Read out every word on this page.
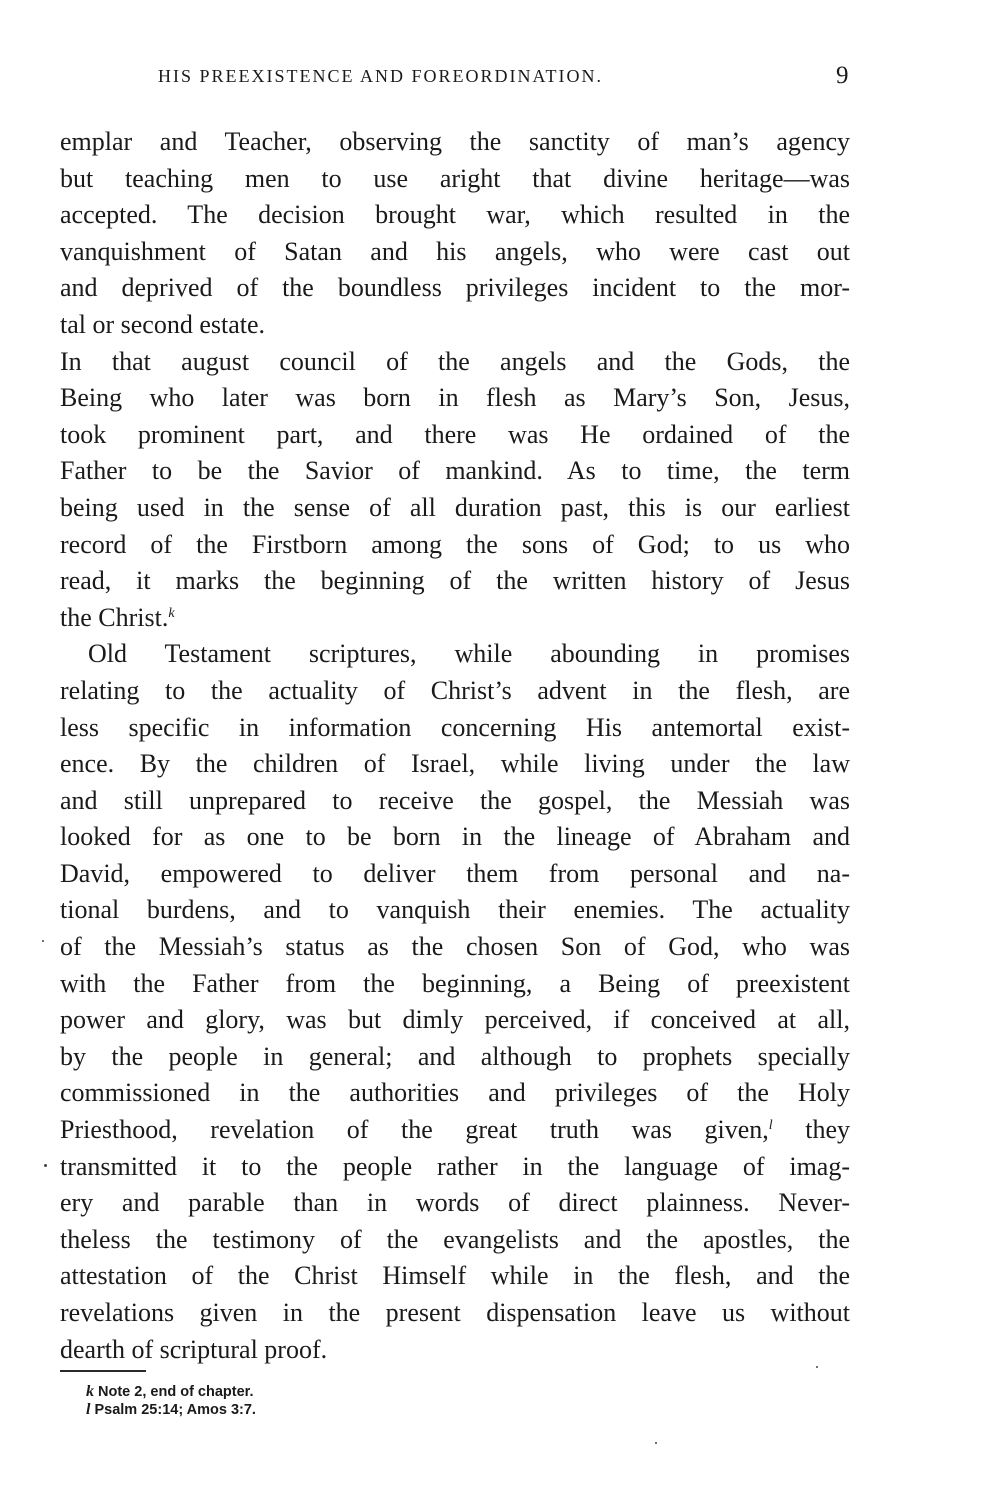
HIS PREEXISTENCE AND FOREORDINATION.	9
emplar and Teacher, observing the sanctity of man’s agency
but teaching men to use aright that divine heritage—was
accepted. The decision brought war, which resulted in the
vanquishment of Satan and his angels, who were cast out
and deprived of the boundless privileges incident to the mor-
tal or second estate.
In that august council of the angels and the Gods, the
Being who later was born in flesh as Mary’s Son, Jesus,
took prominent part, and there was He ordained of the
Father to be the Savior of mankind. As to time, the term
being used in the sense of all duration past, this is our earliest
record of the Firstborn among the sons of God; to us who
read, it marks the beginning of the written history of Jesus
the Christ.$^k$
Old Testament scriptures, while abounding in promises
relating to the actuality of Christ’s advent in the flesh, are
less specific in information concerning His antemortal exist-
ence. By the children of Israel, while living under the law
and still unprepared to receive the gospel, the Messiah was
looked for as one to be born in the lineage of Abraham and
David, empowered to deliver them from personal and na-
tional burdens, and to vanquish their enemies. The actuality
of the Messiah’s status as the chosen Son of God, who was
with the Father from the beginning, a Being of preexistent
power and glory, was but dimly perceived, if conceived at all,
by the people in general; and although to prophets specially
commissioned in the authorities and privileges of the Holy
Priesthood, revelation of the great truth was given,$^l$ they
transmitted it to the people rather in the language of imag-
ery and parable than in words of direct plainness. Never-
theless the testimony of the evangelists and the apostles, the
attestation of the Christ Himself while in the flesh, and the
revelations given in the present dispensation leave us without
dearth of scriptural proof.
k Note 2, end of chapter.
l Psalm 25:14; Amos 3:7.
